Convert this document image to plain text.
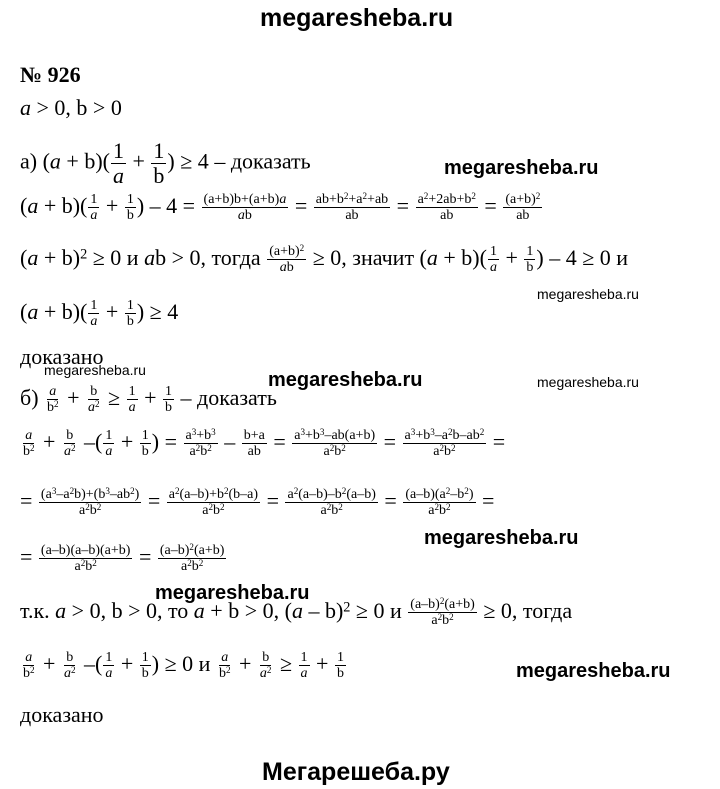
megaresheba.ru
№ 926
a > 0, b > 0
а) $(a + b)( \frac{1}{a} + \frac{1}{b}$ ) ≥ 4 – доказать	megaresheba.ru
$(a + b)( \frac{1}{a} + \frac{1}{b}$ ) – $4 = \frac{(a+b)b+(a+b)a}{ab} = \frac{ab+b^2+a^2+ab}{ab} = \frac{a^2+2ab+b^2}{ab} = \frac{(a+b)^2}{ab}$
$(a + b)^2 \ge 0$ и ab > 0, тогда $\frac{(a+b)^2}{ab} \ge 0$, значит $(a + b)( \frac{1}{a} + \frac{1}{b}$ ) – 4 ≥ 0 и
megaresheba.ru
$(a + b)( \frac{1}{a} + \frac{1}{b}$ ) ≥ 4
доказано
megaresheba.ru	megaresheba.ru	megaresheba.ru
$б) \frac{a}{b^2} + \frac{b}{a^2} \ge \frac{1}{a} + \frac{1}{b}$ – доказать
$\frac{a}{b^2} + \frac{b}{a^2}$ –( $\frac{1}{a} + \frac{1}{b}$ ) = $\frac{a^3+b^3}{a^2b^2} - \frac{b+a}{ab} = \frac{a^3+b^3-ab(a+b)}{a^2b^2} = \frac{a^3+b^3-a^2b-ab^2}{a^2b^2}$ =
= $\frac{(a^3-a^2b)+(b^3-ab^2)}{a^2b^2} = \frac{a^2(a-b)+b^2(b-a)}{a^2b^2} = \frac{a^2(a-b)-b^2(a-b)}{a^2b^2} = \frac{(a-b)(a^2-b^2)}{a^2b^2}$ =
megaresheba.ru
= $\frac{(a-b)(a-b)(a+b)}{a^2b^2} = \frac{(a-b)^2(a+b)}{a^2b^2}$
megaresheba.ru
т.к. a > 0, b > 0, то a + b > 0, (a – b)$^2$ ≥ 0 и $\frac{(a-b)^2(a+b)}{a^2b^2} \ge 0$, тогда
$\frac{a}{b^2} + \frac{b}{a^2}$ –( $\frac{1}{a} + \frac{1}{b}$ ) ≥ 0 и $\frac{a}{b^2} + \frac{b}{a^2} \ge \frac{1}{a} + \frac{1}{b}$	megaresheba.ru
доказано
Мегарешеба.ру
